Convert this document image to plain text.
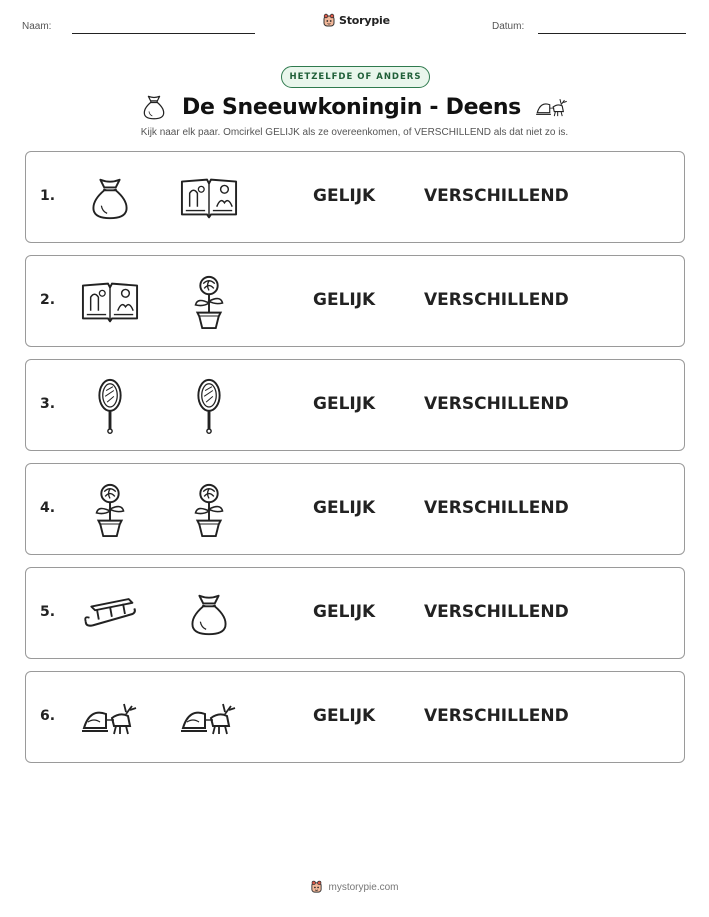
Naam:	Storypie	Datum:
HETZELFDE OF ANDERS
De Sneeuwkoningin - Deens
Kijk naar elk paar. Omcirkel GELIJK als ze overeenkomen, of VERSCHILLEND als dat niet zo is.
1.	GELIJK	VERSCHILLEND
2.	GELIJK	VERSCHILLEND
3.	GELIJK	VERSCHILLEND
4.	GELIJK	VERSCHILLEND
5.	GELIJK	VERSCHILLEND
6.	GELIJK	VERSCHILLEND
mystorypie.com
